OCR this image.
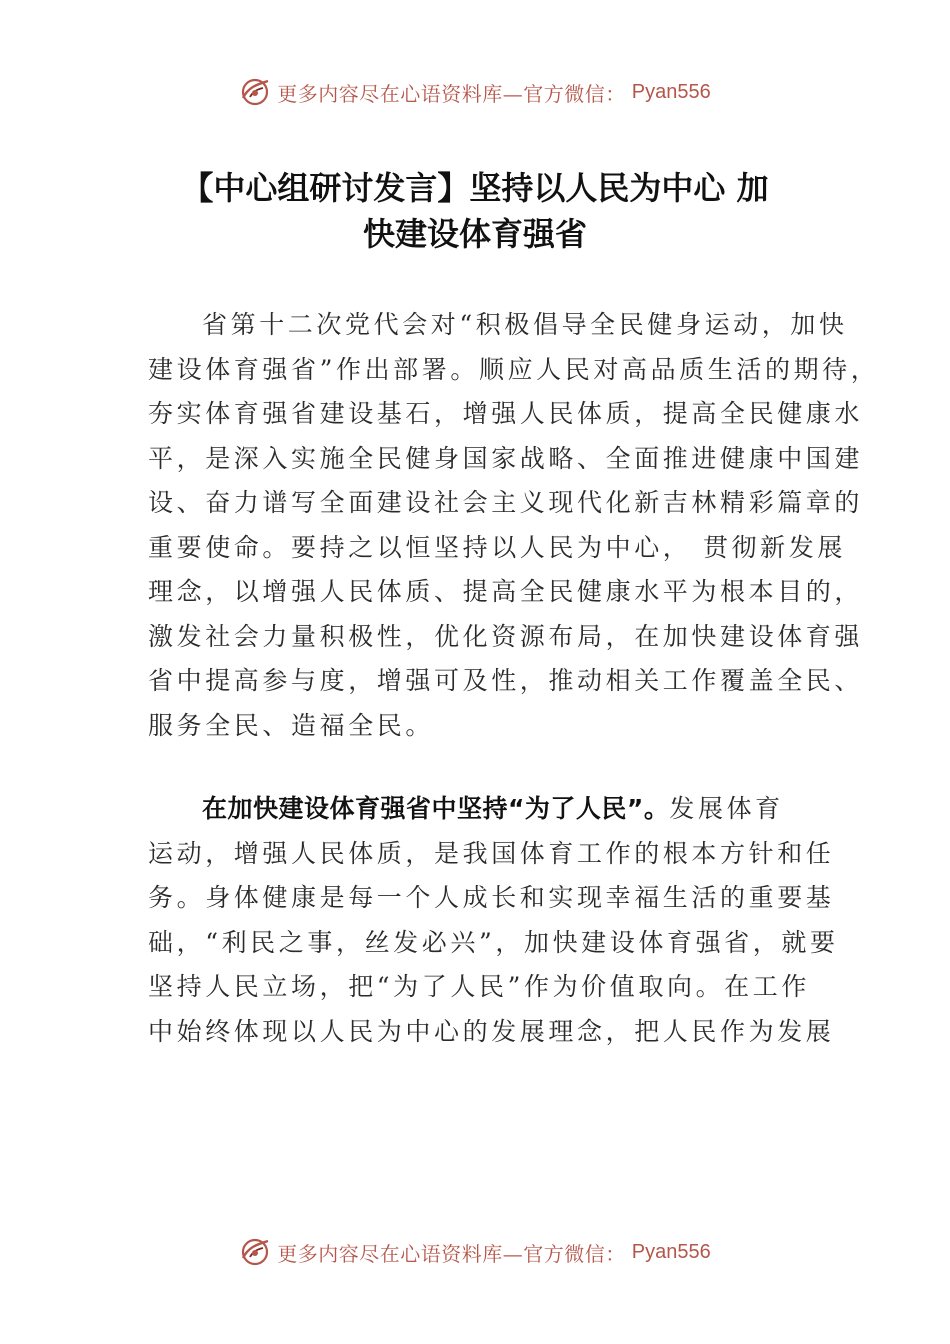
更多内容尽在心语资料库—官方微信： Pyan556
【中心组研讨发言】坚持以人民为中心 加
快建设体育强省
省第十二次党代会对“积极倡导全民健身运动，加快
建设体育强省”作出部署。顺应人民对高品质生活的期待，
夯实体育强省建设基石，增强人民体质，提高全民健康水
平，是深入实施全民健身国家战略、全面推进健康中国建
设、奋力谱写全面建设社会主义现代化新吉林精彩篇章的
重要使命。要持之以恒坚持以人民为中心， 贯彻新发展
理念，以增强人民体质、提高全民健康水平为根本目的，
激发社会力量积极性，优化资源布局，在加快建设体育强
省中提高参与度，增强可及性，推动相关工作覆盖全民、
服务全民、造福全民。
在加快建设体育强省中坚持“为了人民”。发展体育
运动，增强人民体质，是我国体育工作的根本方针和任
务。身体健康是每一个人成长和实现幸福生活的重要基
础，“利民之事，丝发必兴”，加快建设体育强省，就要
坚持人民立场，把“为了人民”作为价值取向。在工作
中始终体现以人民为中心的发展理念，把人民作为发展
更多内容尽在心语资料库—官方微信： Pyan556
